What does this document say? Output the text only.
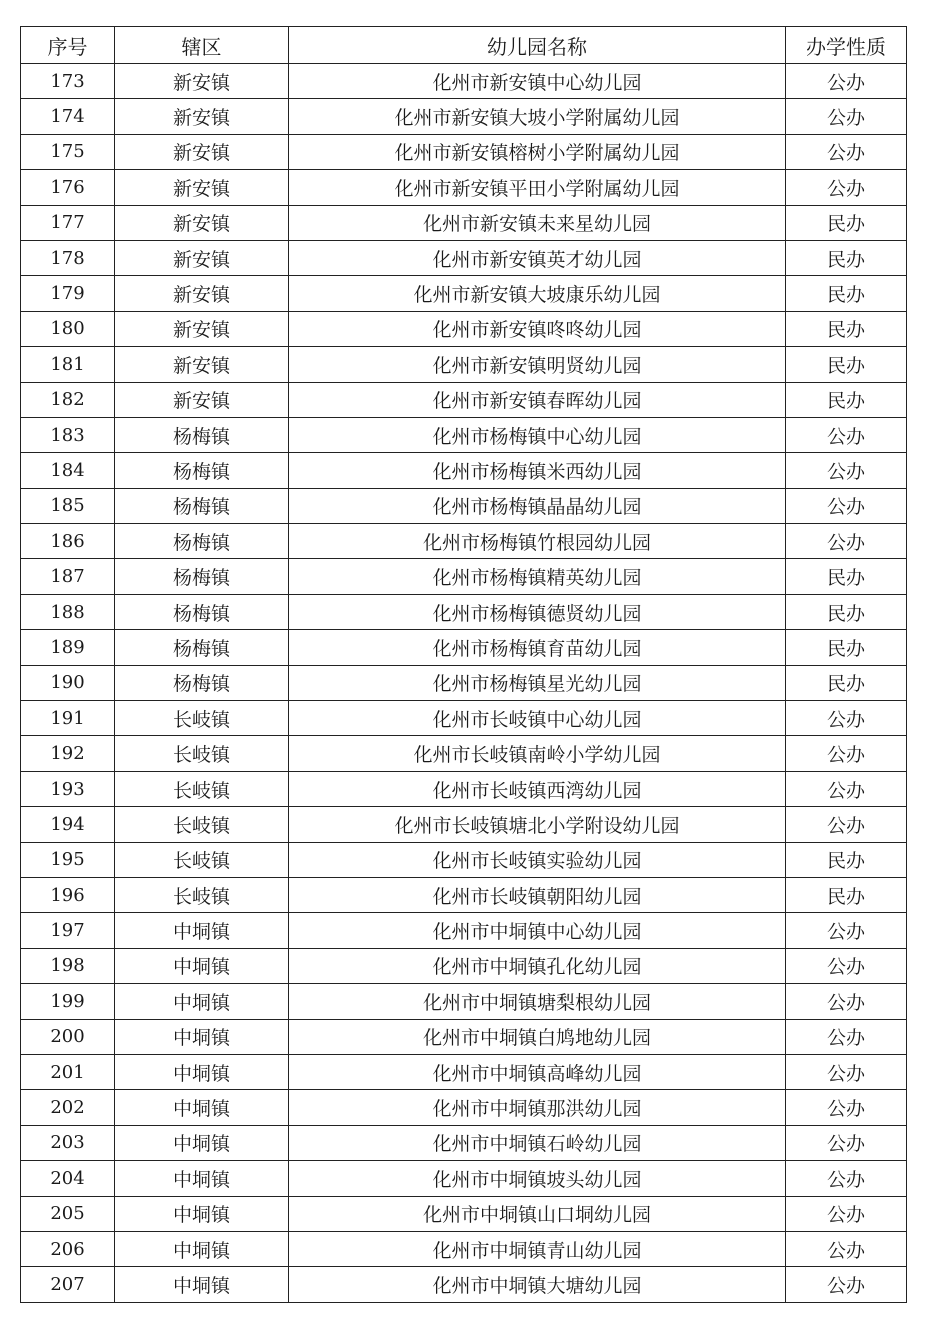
序号	辖区	幼儿园名称	办学性质
173	新安镇	化州市新安镇中心幼儿园	公办
174	新安镇	化州市新安镇大坡小学附属幼儿园	公办
175	新安镇	化州市新安镇榕树小学附属幼儿园	公办
176	新安镇	化州市新安镇平田小学附属幼儿园	公办
177	新安镇	化州市新安镇未来星幼儿园	民办
178	新安镇	化州市新安镇英才幼儿园	民办
179	新安镇	化州市新安镇大坡康乐幼儿园	民办
180	新安镇	化州市新安镇咚咚幼儿园	民办
181	新安镇	化州市新安镇明贤幼儿园	民办
182	新安镇	化州市新安镇春晖幼儿园	民办
183	杨梅镇	化州市杨梅镇中心幼儿园	公办
184	杨梅镇	化州市杨梅镇米西幼儿园	公办
185	杨梅镇	化州市杨梅镇晶晶幼儿园	公办
186	杨梅镇	化州市杨梅镇竹根园幼儿园	公办
187	杨梅镇	化州市杨梅镇精英幼儿园	民办
188	杨梅镇	化州市杨梅镇德贤幼儿园	民办
189	杨梅镇	化州市杨梅镇育苗幼儿园	民办
190	杨梅镇	化州市杨梅镇星光幼儿园	民办
191	长岐镇	化州市长岐镇中心幼儿园	公办
192	长岐镇	化州市长岐镇南岭小学幼儿园	公办
193	长岐镇	化州市长岐镇西湾幼儿园	公办
194	长岐镇	化州市长岐镇塘北小学附设幼儿园	公办
195	长岐镇	化州市长岐镇实验幼儿园	民办
196	长岐镇	化州市长岐镇朝阳幼儿园	民办
197	中垌镇	化州市中垌镇中心幼儿园	公办
198	中垌镇	化州市中垌镇孔化幼儿园	公办
199	中垌镇	化州市中垌镇塘梨根幼儿园	公办
200	中垌镇	化州市中垌镇白鸠地幼儿园	公办
201	中垌镇	化州市中垌镇高峰幼儿园	公办
202	中垌镇	化州市中垌镇那洪幼儿园	公办
203	中垌镇	化州市中垌镇石岭幼儿园	公办
204	中垌镇	化州市中垌镇坡头幼儿园	公办
205	中垌镇	化州市中垌镇山口垌幼儿园	公办
206	中垌镇	化州市中垌镇青山幼儿园	公办
207	中垌镇	化州市中垌镇大塘幼儿园	公办
